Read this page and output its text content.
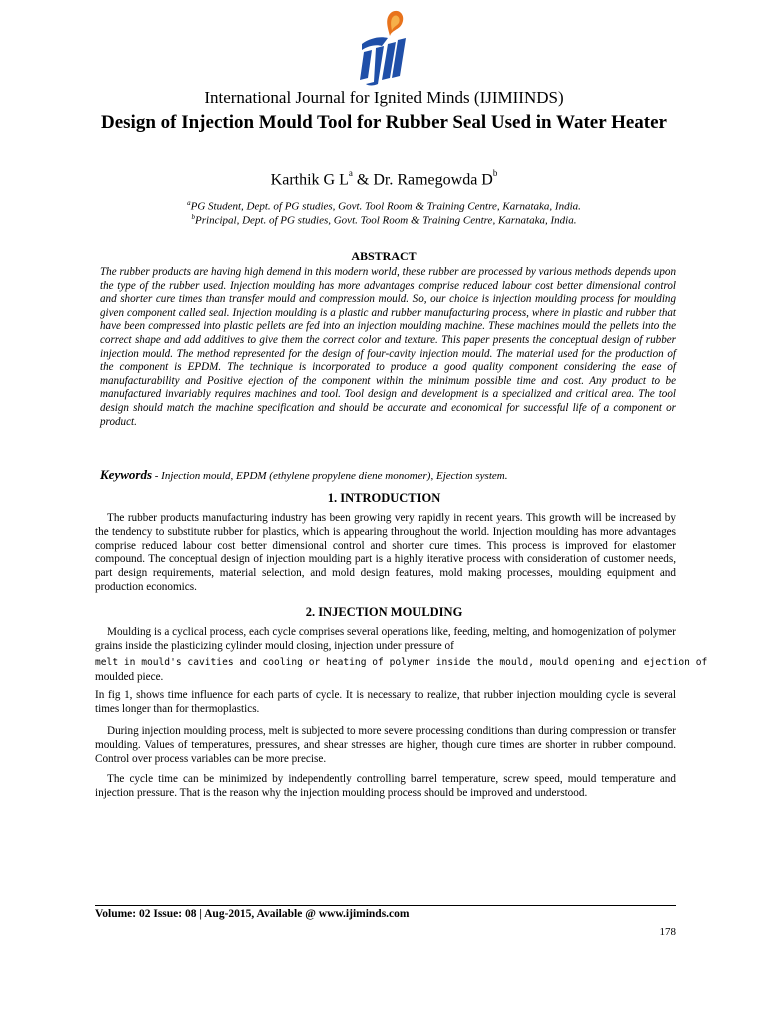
International Journal for Ignited Minds (IJIMIINDS)
Design of Injection Mould Tool for Rubber Seal Used in Water Heater
Karthik G $L^a$ & Dr. Ramegowda $D^b$
$^a$PG Student, Dept. of PG studies, Govt. Tool Room & Training Centre, Karnataka, India.
$^b$Principal, Dept. of PG studies, Govt. Tool Room & Training Centre, Karnataka, India.
ABSTRACT
The rubber products are having high demend in this modern world, these rubber are processed by various methods depends upon the type of the rubber used. Injection moulding has more advantages comprise reduced labour cost better dimensional control and shorter cure times than transfer mould and compression mould. So, our choice is injection moulding process for moulding given component called seal. Injection moulding is a plastic and rubber manufacturing process, where in plastic and rubber that have been compressed into plastic pellets are fed into an injection moulding machine. These machines mould the pellets into the correct shape and add additives to give them the correct color and texture. This paper presents the conceptual design of rubber injection mould. The method represented for the design of four-cavity injection mould. The material used for the production of the component is EPDM. The technique is incorporated to produce a good quality component considering the ease of manufacturability and Positive ejection of the component within the minimum possible time and cost. Any product to be manufactured invariably requires machines and tool. Tool design and development is a specialized and critical area. The tool design should match the machine specification and should be accurate and economical for successful life of a component or product.
Keywords - Injection mould, EPDM (ethylene propylene diene monomer), Ejection system.
1. INTRODUCTION
The rubber products manufacturing industry has been growing very rapidly in recent years. This growth will be increased by the tendency to substitute rubber for plastics, which is appearing throughout the world. Injection moulding has more advantages comprise reduced labour cost better dimensional control and shorter cure times. This process is improved for elastomer compound. The conceptual design of injection moulding part is a highly iterative process with consideration of customer needs, part design requirements, material selection, and mold design features, mold making processes, moulding equipment and production economics.
2. INJECTION MOULDING
Moulding is a cyclical process, each cycle comprises several operations like, feeding, melting, and homogenization of polymer grains inside the plasticizing cylinder mould closing, injection under pressure of
melt in mould's cavities and cooling or heating of polymer inside the mould, mould opening and ejection of
moulded piece.
In fig 1, shows time influence for each parts of cycle. It is necessary to realize, that rubber injection moulding cycle is several times longer than for thermoplastics.
During injection moulding process, melt is subjected to more severe processing conditions than during compression or transfer moulding. Values of temperatures, pressures, and shear stresses are higher, though cure times are shorter in rubber compound. Control over process variables can be more precise.
The cycle time can be minimized by independently controlling barrel temperature, screw speed, mould temperature and injection pressure. That is the reason why the injection moulding process should be improved and understood.
Volume: 02 Issue: 08 | Aug-2015, Available @ www.ijiminds.com
178
